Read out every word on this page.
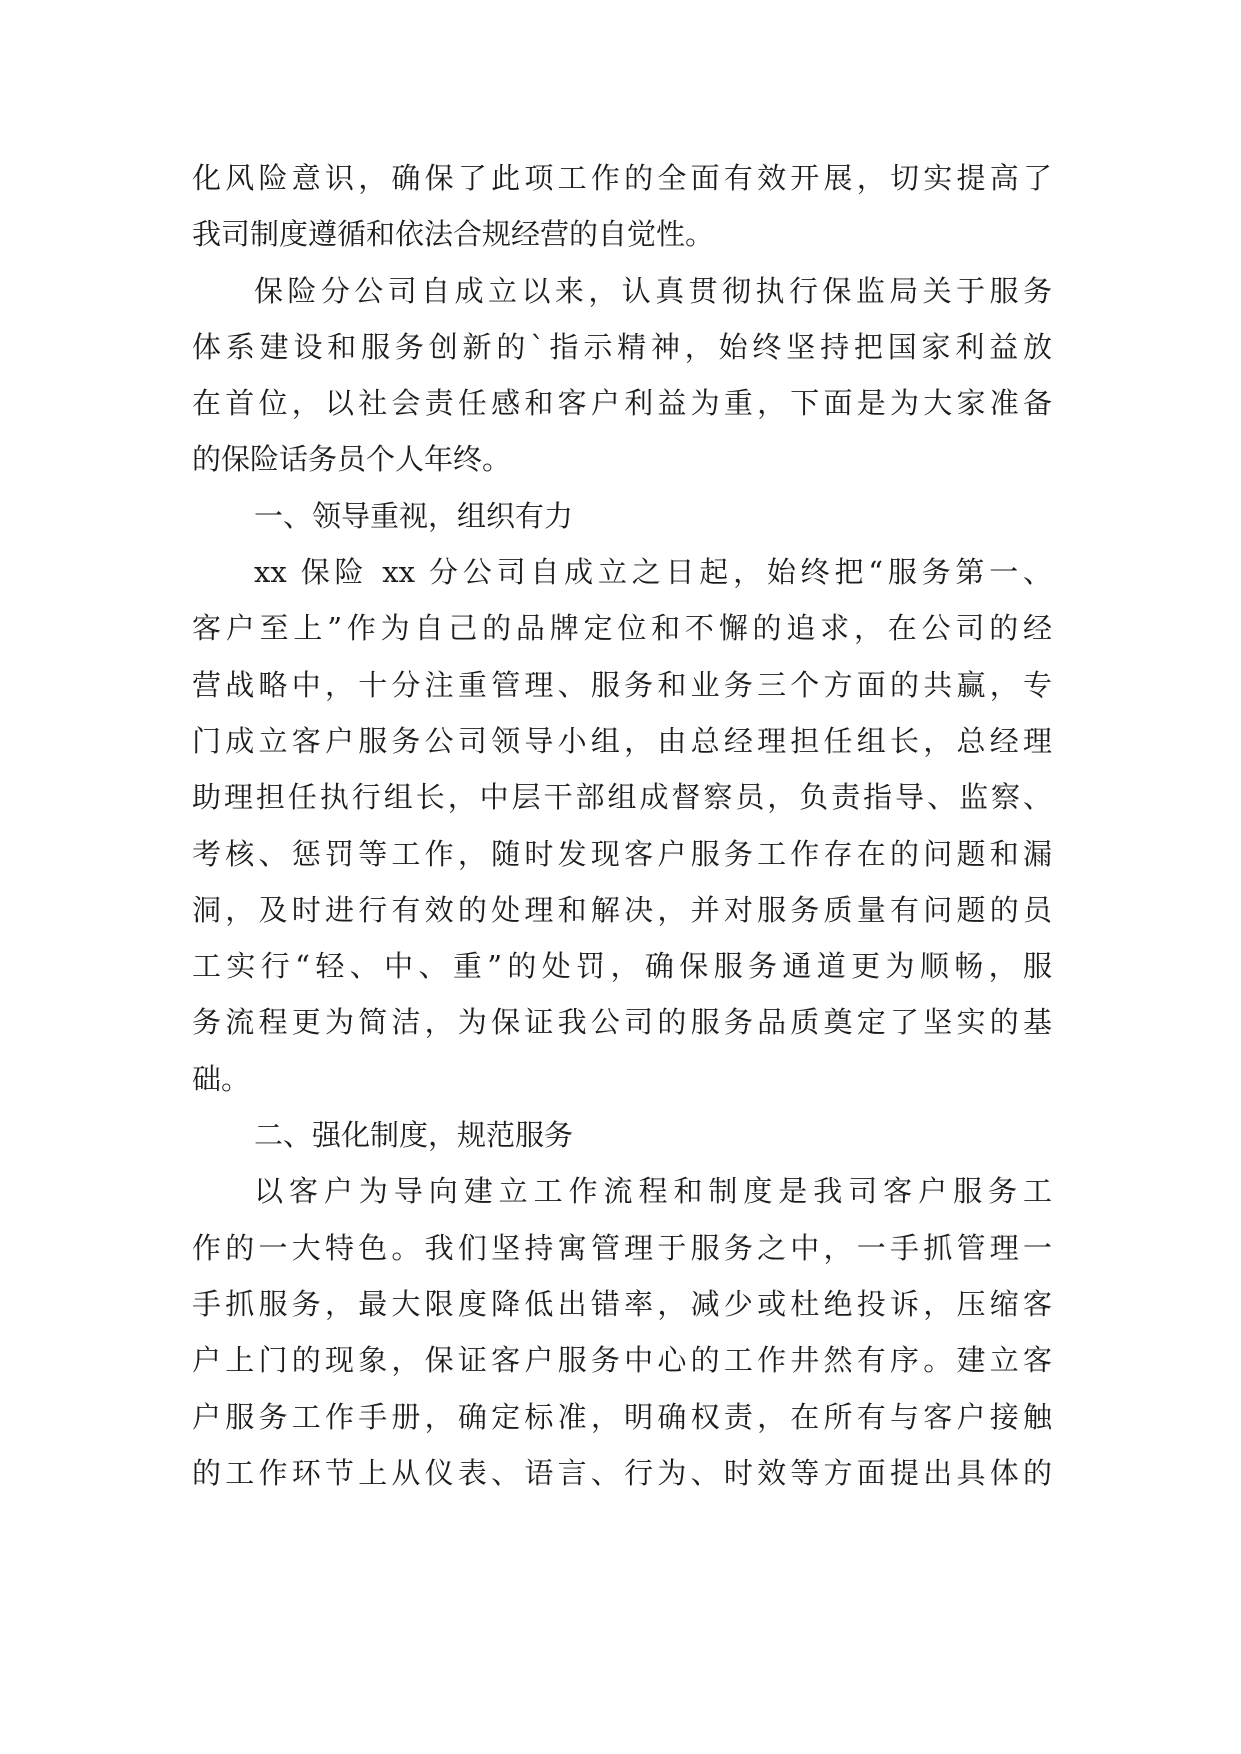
化风险意识，确保了此项工作的全面有效开展，切实提高了
我司制度遵循和依法合规经营的自觉性。
保险分公司自成立以来，认真贯彻执行保监局关于服务
体系建设和服务创新的`指示精神，始终坚持把国家利益放
在首位，以社会责任感和客户利益为重，下面是为大家准备
的保险话务员个人年终。
一、领导重视，组织有力
xx 保险 xx 分公司自成立之日起，始终把“服务第一、
客户至上”作为自己的品牌定位和不懈的追求，在公司的经
营战略中，十分注重管理、服务和业务三个方面的共赢，专
门成立客户服务公司领导小组，由总经理担任组长，总经理
助理担任执行组长，中层干部组成督察员，负责指导、监察、
考核、惩罚等工作，随时发现客户服务工作存在的问题和漏
洞，及时进行有效的处理和解决，并对服务质量有问题的员
工实行“轻、中、重”的处罚，确保服务通道更为顺畅，服
务流程更为简洁，为保证我公司的服务品质奠定了坚实的基
础。
二、强化制度，规范服务
以客户为导向建立工作流程和制度是我司客户服务工
作的一大特色。我们坚持寓管理于服务之中，一手抓管理一
手抓服务，最大限度降低出错率，减少或杜绝投诉，压缩客
户上门的现象，保证客户服务中心的工作井然有序。建立客
户服务工作手册，确定标准，明确权责，在所有与客户接触
的工作环节上从仪表、语言、行为、时效等方面提出具体的
